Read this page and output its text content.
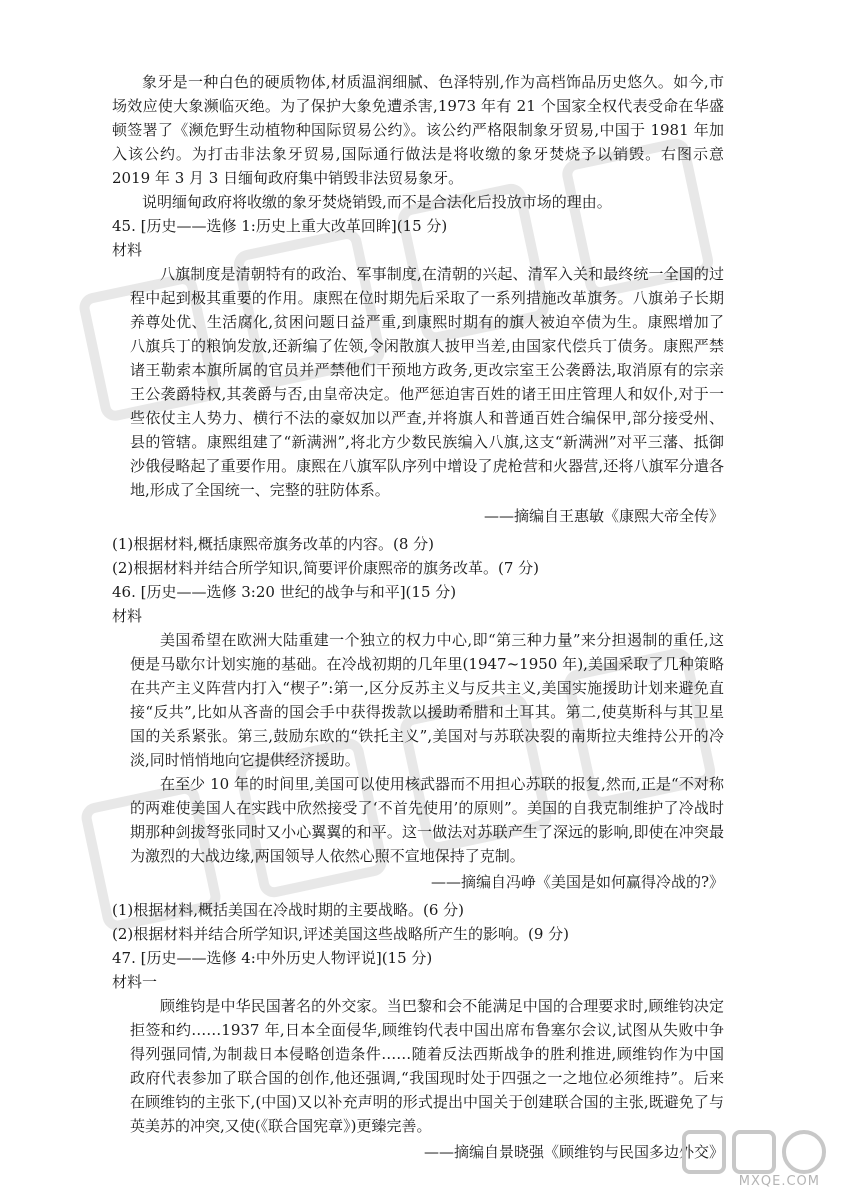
象牙是一种白色的硬质物体,材质温润细腻、色泽特别,作为高档饰品历史悠久。如今,市场效应使大象濒临灭绝。为了保护大象免遭杀害,1973 年有 21 个国家全权代表受命在华盛顿签署了《濒危野生动植物种国际贸易公约》。该公约严格限制象牙贸易,中国于 1981 年加入该公约。为打击非法象牙贸易,国际通行做法是将收缴的象牙焚烧予以销毁。右图示意 2019 年 3 月 3 日缅甸政府集中销毁非法贸易象牙。

说明缅甸政府将收缴的象牙焚烧销毁,而不是合法化后投放市场的理由。

45. [历史——选修 1:历史上重大改革回眸](15 分)

材料

八旗制度是清朝特有的政治、军事制度,在清朝的兴起、清军入关和最终统一全国的过程中起到极其重要的作用。康熙在位时期先后采取了一系列措施改革旗务。八旗弟子长期养尊处优、生活腐化,贫困问题日益严重,到康熙时期有的旗人被迫卒债为生。康熙增加了八旗兵丁的粮饷发放,还新编了佐领,令闲散旗人披甲当差,由国家代偿兵丁债务。康熙严禁诸王勒索本旗所属的官员并严禁他们干预地方政务,更改宗室王公袭爵法,取消原有的宗亲王公袭爵特权,其袭爵与否,由皇帝决定。他严惩迫害百姓的诸王田庄管理人和奴仆,对于一些依仗主人势力、横行不法的豪奴加以严查,并将旗人和普通百姓合编保甲,部分接受州、县的管辖。康熙组建了“新满洲”,将北方少数民族编入八旗,这支“新满洲”对平三藩、抵御沙俄侵略起了重要作用。康熙在八旗军队序列中增设了虎枪营和火器营,还将八旗军分遣各地,形成了全国统一、完整的驻防体系。

——摘编自王惠敏《康熙大帝全传》

(1)根据材料,概括康熙帝旗务改革的内容。(8 分)

(2)根据材料并结合所学知识,简要评价康熙帝的旗务改革。(7 分)

46. [历史——选修 3:20 世纪的战争与和平](15 分)

材料

美国希望在欧洲大陆重建一个独立的权力中心,即“第三种力量”来分担遏制的重任,这便是马歇尔计划实施的基础。在冷战初期的几年里(1947~1950 年),美国采取了几种策略在共产主义阵营内打入“楔子”:第一,区分反苏主义与反共主义,美国实施援助计划来避免直接“反共”,比如从吝啬的国会手中获得拨款以援助希腊和土耳其。第二,使莫斯科与其卫星国的关系紧张。第三,鼓励东欧的“铁托主义”,美国对与苏联决裂的南斯拉夫维持公开的冷淡,同时悄悄地向它提供经济援助。

在至少 10 年的时间里,美国可以使用核武器而不用担心苏联的报复,然而,正是“不对称的两难使美国人在实践中欣然接受了‘不首先使用’的原则”。美国的自我克制维护了冷战时期那种剑拔弩张同时又小心翼翼的和平。这一做法对苏联产生了深远的影响,即使在冲突最为激烈的大战边缘,两国领导人依然心照不宣地保持了克制。

——摘编自冯峥《美国是如何赢得冷战的?》

(1)根据材料,概括美国在冷战时期的主要战略。(6 分)

(2)根据材料并结合所学知识,评述美国这些战略所产生的影响。(9 分)

47. [历史——选修 4:中外历史人物评说](15 分)

材料一

顾维钧是中华民国著名的外交家。当巴黎和会不能满足中国的合理要求时,顾维钧决定拒签和约……1937 年,日本全面侵华,顾维钧代表中国出席布鲁塞尔会议,试图从失败中争得列强同情,为制裁日本侵略创造条件……随着反法西斯战争的胜利推进,顾维钧作为中国政府代表参加了联合国的创作,他还强调,“我国现时处于四强之一之地位必须维持”。后来在顾维钧的主张下,(中国)又以补充声明的形式提出中国关于创建联合国的主张,既避免了与英美苏的冲突,又使(《联合国宪章》)更臻完善。

——摘编自景晓强《顾维钧与民国多边外交》

MXQE.COM
